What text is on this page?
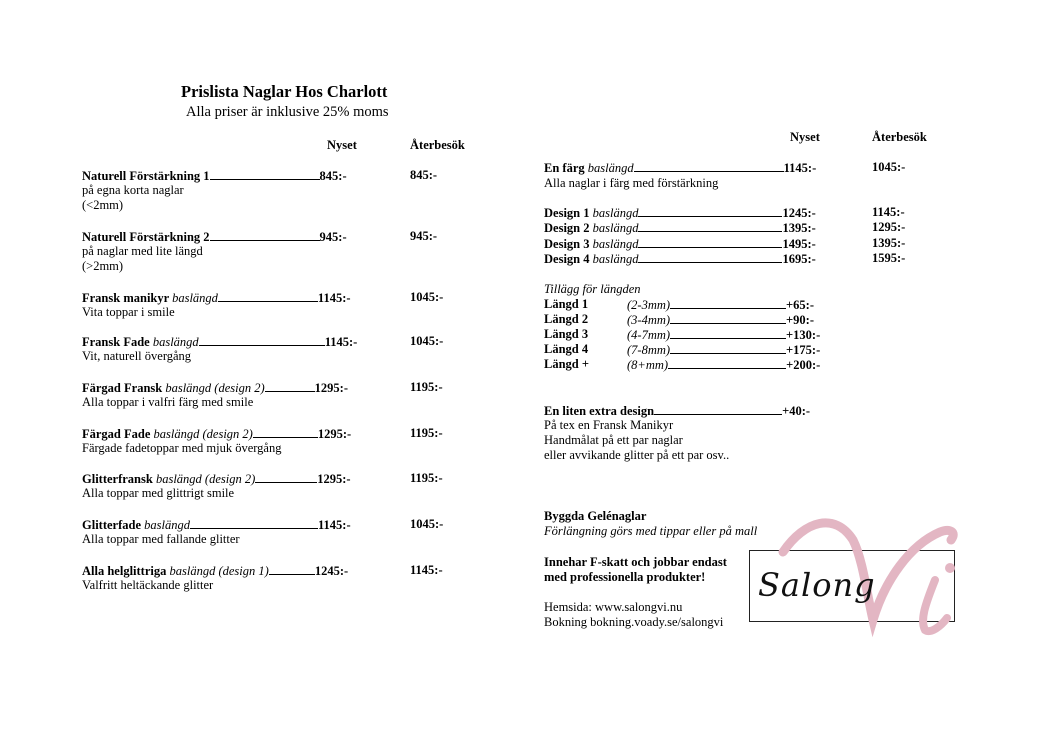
Prislista Naglar Hos Charlott
Alla priser är inklusive 25% moms
Nyset	Återbesök
Naturell Förstärkning 1	845:-	845:-
på egna korta naglar
(<2mm)
Naturell Förstärkning 2	945:-	945:-
på naglar med lite längd
(>2mm)
Fransk manikyr baslängd	1145:-	1045:-
Vita toppar i smile
Fransk Fade baslängd	1145:-	1045:-
Vit, naturell övergång
Färgad Fransk baslängd (design 2)	1295:-	1195:-
Alla toppar i valfri färg med smile
Färgad Fade baslängd (design 2)	1295:-	1195:-
Färgade fadetoppar med mjuk övergång
Glitterfransk baslängd (design 2)	1295:-	1195:-
Alla toppar med glittrigt smile
Glitterfade baslängd	1145:-	1045:-
Alla toppar med fallande glitter
Alla helglittriga baslängd (design 1)	1245:-	1145:-
Valfritt heltäckande glitter
Nyset	Återbesök
En färg baslängd	1145:-	1045:-
Alla naglar i färg med förstärkning
Design 1 baslängd	1245:-	1145:-
Design 2 baslängd	1395:-	1295:-
Design 3 baslängd	1495:-	1395:-
Design 4 baslängd	1695:-	1595:-
Tillägg för längden
Längd 1	(2-3mm)	+65:-
Längd 2	(3-4mm)	+90:-
Längd 3	(4-7mm)	+130:-
Längd 4	(7-8mm)	+175:-
Längd +	(8+mm)	+200:-
En liten extra design	+40:-
På tex en Fransk Manikyr
Handmålat på ett par naglar
eller avvikande glitter på ett par osv..
Byggda Gelénaglar
Förlängning görs med tippar eller på mall
Innehar F-skatt och jobbar endast
med professionella produkter!
Hemsida: www.salongvi.nu
Bokning bokning.voady.se/salongvi
Salong
